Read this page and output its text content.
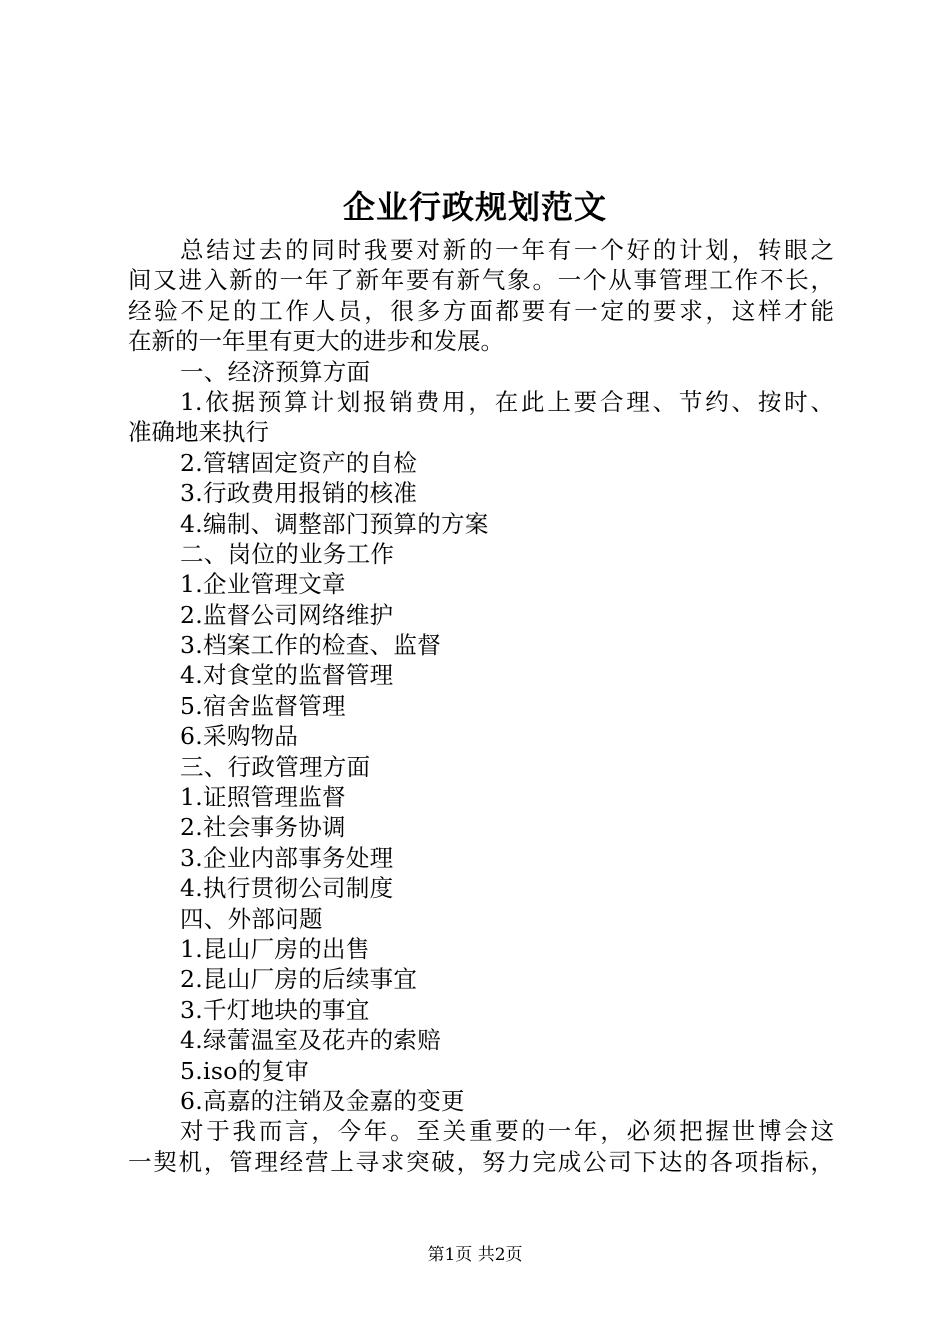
企业行政规划范文
总结过去的同时我要对新的一年有一个好的计划，转眼之
间又进入新的一年了新年要有新气象。一个从事管理工作不长，
经验不足的工作人员，很多方面都要有一定的要求，这样才能
在新的一年里有更大的进步和发展。
一、经济预算方面
1.依据预算计划报销费用，在此上要合理、节约、按时、
准确地来执行
2.管辖固定资产的自检
3.行政费用报销的核准
4.编制、调整部门预算的方案
二、岗位的业务工作
1.企业管理文章
2.监督公司网络维护
3.档案工作的检查、监督
4.对食堂的监督管理
5.宿舍监督管理
6.采购物品
三、行政管理方面
1.证照管理监督
2.社会事务协调
3.企业内部事务处理
4.执行贯彻公司制度
四、外部问题
1.昆山厂房的出售
2.昆山厂房的后续事宜
3.千灯地块的事宜
4.绿蕾温室及花卉的索赔
5.iso的复审
6.高嘉的注销及金嘉的变更
对于我而言，今年。至关重要的一年，必须把握世博会这
一契机，管理经营上寻求突破，努力完成公司下达的各项指标，
第1页 共2页
